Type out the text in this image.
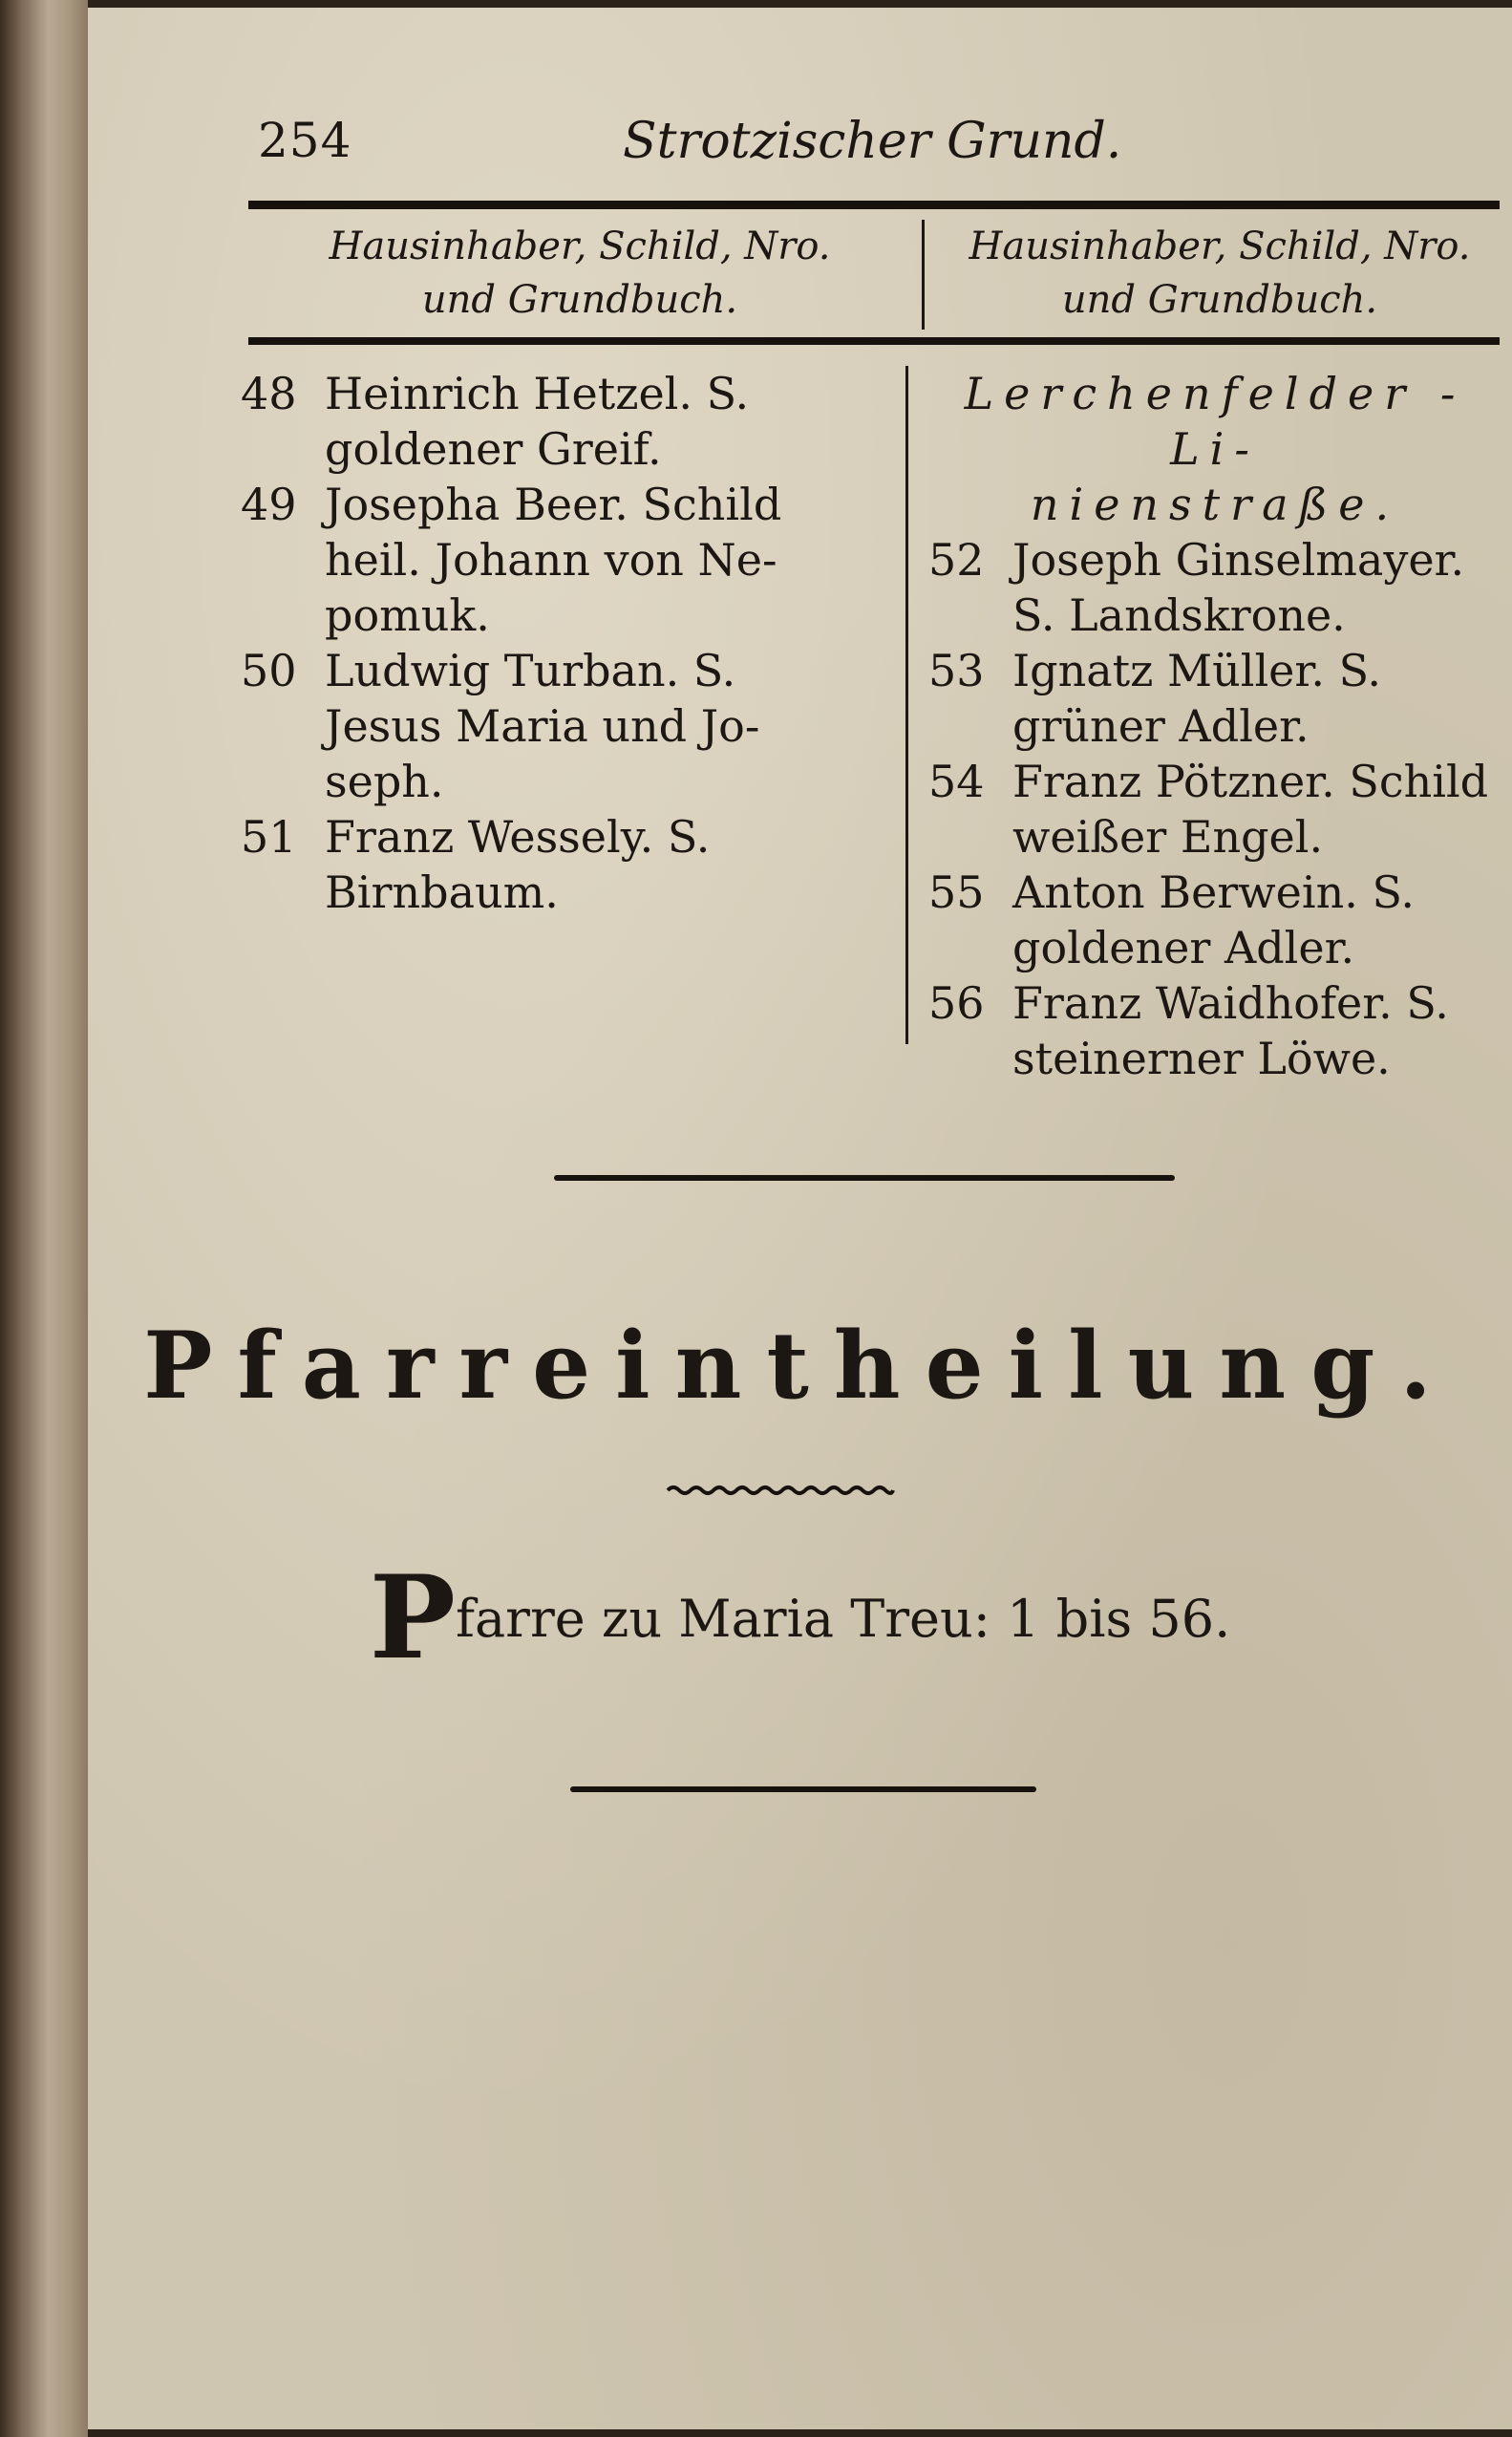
254	Strotzischer Grund.
Hausinhaber, Schild, Nro.
und Grundbuch.
Hausinhaber, Schild, Nro.
und Grundbuch.
48 Heinrich Hetzel. S.
goldener Greif.
49 Josepha Beer. Schild
heil. Johann von Ne-
pomuk.
50 Ludwig Turban. S.
Jesus Maria und Jo-
seph.
51 Franz Wessely. S.
Birnbaum.
Lerchenfelder - Li-
nienstraße.
52 Joseph Ginselmayer.
S. Landskrone.
53 Ignatz Müller. S.
grüner Adler.
54 Franz Pötzner. Schild
weißer Engel.
55 Anton Berwein. S.
goldener Adler.
56 Franz Waidhofer. S.
steinerner Löwe.
Pfarreintheilung.
Pfarre zu Maria Treu: 1 bis 56.
